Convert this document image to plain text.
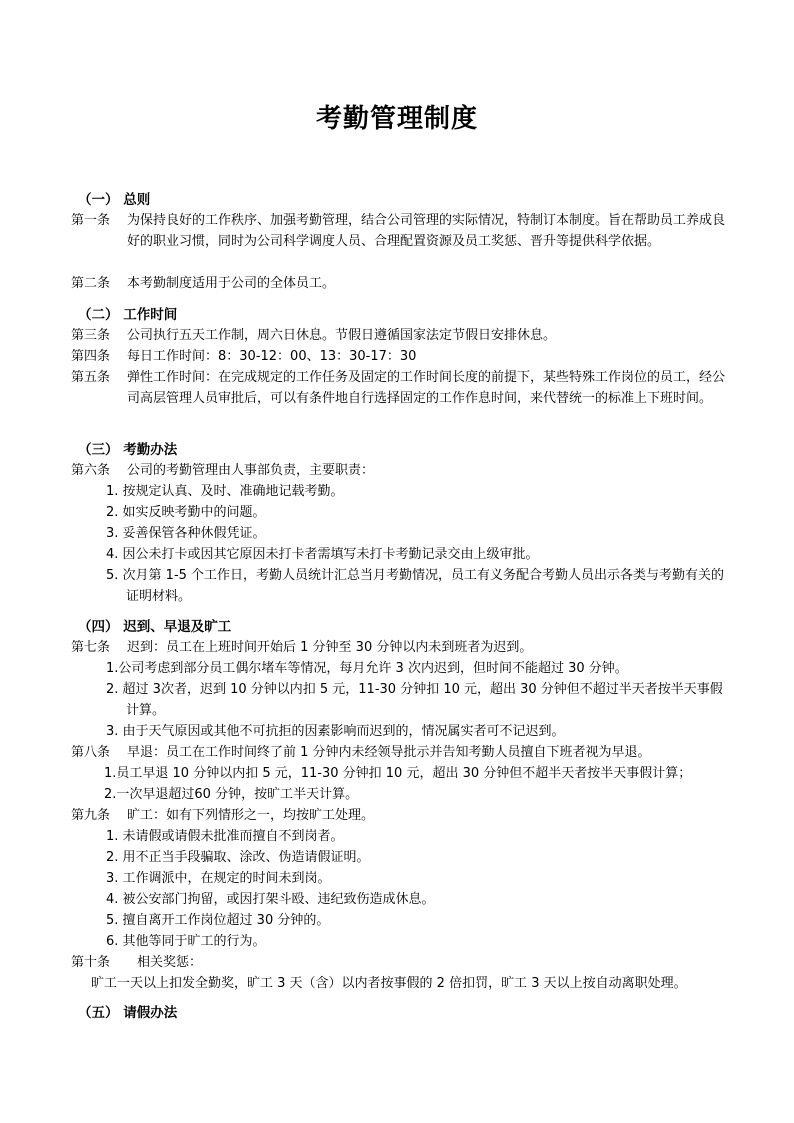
考勤管理制度
（一） 总则
第一条 为保持良好的工作秩序、加强考勤管理，结合公司管理的实际情况，特制订本制度。旨在帮助员工养成良好的职业习惯，同时为公司科学调度人员、合理配置资源及员工奖惩、晋升等提供科学依据。
第二条 本考勤制度适用于公司的全体员工。
（二） 工作时间
第三条 公司执行五天工作制，周六日休息。节假日遵循国家法定节假日安排休息。
第四条 每日工作时间：8：30-12：00、13：30-17：30
第五条 弹性工作时间：在完成规定的工作任务及固定的工作时间长度的前提下，某些特殊工作岗位的员工，经公司高层管理人员审批后，可以有条件地自行选择固定的工作作息时间，来代替统一的标准上下班时间。
（三） 考勤办法
第六条 公司的考勤管理由人事部负责，主要职责：
1. 按规定认真、及时、准确地记载考勤。
2. 如实反映考勤中的问题。
3. 妥善保管各种休假凭证。
4. 因公未打卡或因其它原因未打卡者需填写未打卡考勤记录交由上级审批。
5. 次月第 1-5 个工作日，考勤人员统计汇总当月考勤情况，员工有义务配合考勤人员出示各类与考勤有关的证明材料。
（四） 迟到、早退及旷工
第七条 迟到：员工在上班时间开始后 1 分钟至 30 分钟以内未到班者为迟到。
1.公司考虑到部分员工偶尔堵车等情况，每月允许 3 次内迟到，但时间不能超过 30 分钟。
2. 超过 3次者，迟到 10 分钟以内扣 5 元，11-30 分钟扣 10 元，超出 30 分钟但不超过半天者按半天事假计算。
3. 由于天气原因或其他不可抗拒的因素影响而迟到的，情况属实者可不记迟到。
第八条 早退：员工在工作时间终了前 1 分钟内未经领导批示并告知考勤人员擅自下班者视为早退。
1.员工早退 10 分钟以内扣 5 元，11-30 分钟扣 10 元，超出 30 分钟但不超半天者按半天事假计算；
2.一次早退超过60 分钟，按旷工半天计算。
第九条 旷工：如有下列情形之一，均按旷工处理。
1. 未请假或请假未批准而擅自不到岗者。
2. 用不正当手段骗取、涂改、伪造请假证明。
3. 工作调派中，在规定的时间未到岗。
4. 被公安部门拘留，或因打架斗殴、违纪致伤造成休息。
5. 擅自离开工作岗位超过 30 分钟的。
6. 其他等同于旷工的行为。
第十条 相关奖惩：
旷工一天以上扣发全勤奖，旷工 3 天（含）以内者按事假的 2 倍扣罚，旷工 3 天以上按自动离职处理。
（五） 请假办法
